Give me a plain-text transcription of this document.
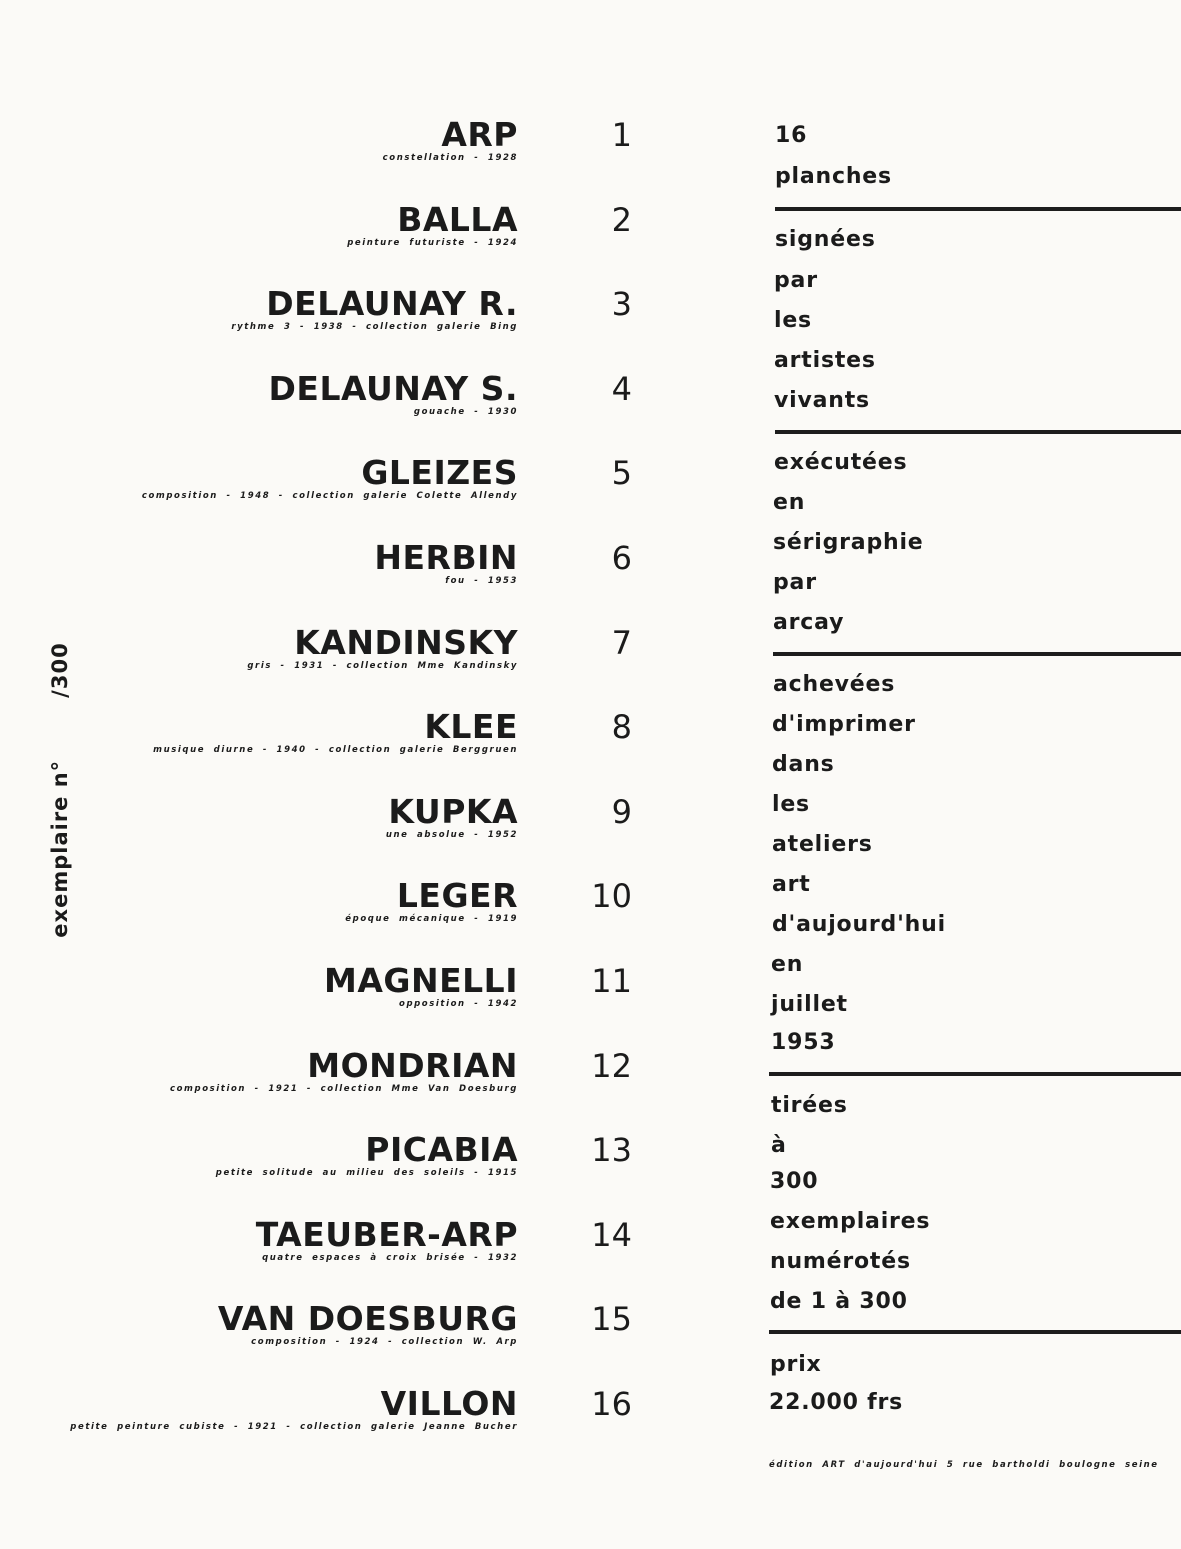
exemplaire n°/300
ARP
constellation - 1928
1
BALLA
peinture futuriste - 1924
2
DELAUNAY R.
rythme 3 - 1938 - collection galerie Bing
3
DELAUNAY S.
gouache - 1930
4
GLEIZES
composition - 1948 - collection galerie Colette Allendy
5
HERBIN
fou - 1953
6
KANDINSKY
gris - 1931 - collection Mme Kandinsky
7
KLEE
musique diurne - 1940 - collection galerie Berggruen
8
KUPKA
une absolue - 1952
9
LEGER
époque mécanique - 1919
10
MAGNELLI
opposition - 1942
11
MONDRIAN
composition - 1921 - collection Mme Van Doesburg
12
PICABIA
petite solitude au milieu des soleils - 1915
13
TAEUBER-ARP
quatre espaces à croix brisée - 1932
14
VAN DOESBURG
composition - 1924 - collection W. Arp
15
VILLON
petite peinture cubiste - 1921 - collection galerie Jeanne Bucher
16
16
planches
signées
par
les
artistes
vivants
exécutées
en
sérigraphie
par
arcay
achevées
d'imprimer
dans
les
ateliers
art
d'aujourd'hui
en
juillet
1953
tirées
à
300
exemplaires
numérotés
de 1 à 300
prix
22.000 frs
édition ART d'aujourd'hui 5 rue bartholdi boulogne seine
